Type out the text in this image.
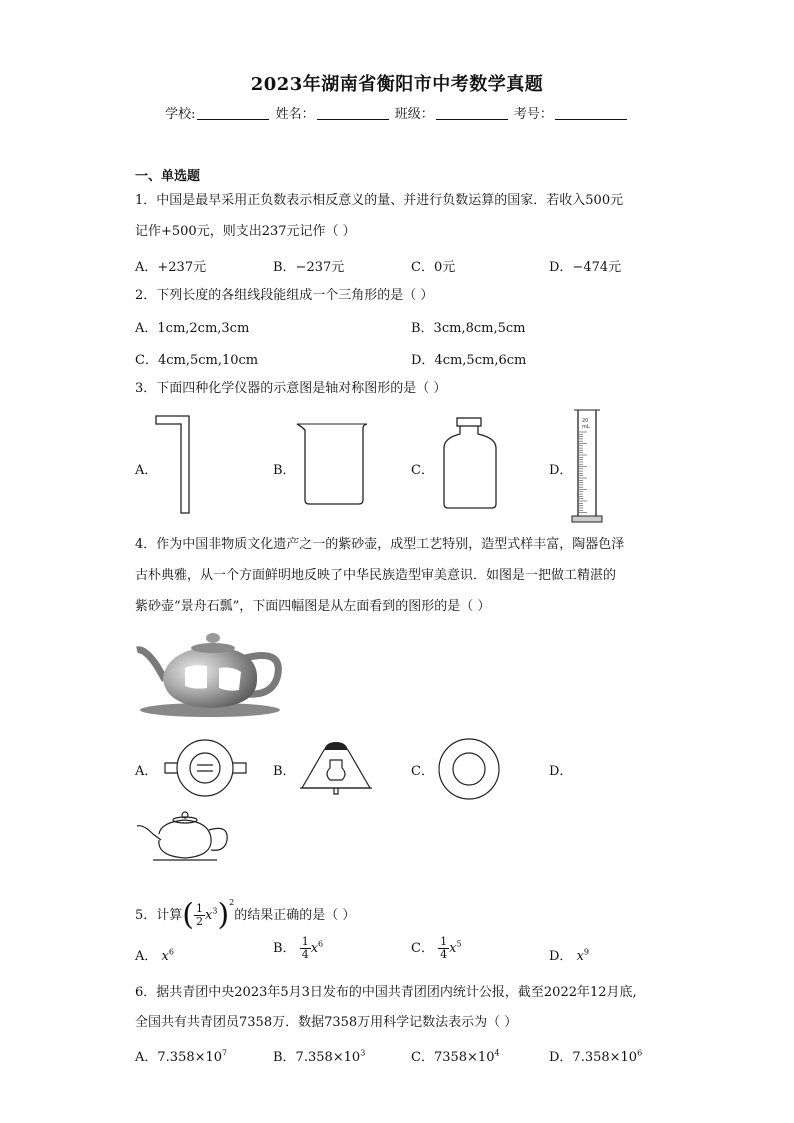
2023年湖南省衡阳市中考数学真题
学校:	姓名：	班级：	考号：
一、单选题
1．中国是最早采用正负数表示相反意义的量、并进行负数运算的国家．若收入500元
记作+500元，则支出237元记作（ ）
A．+237元	B．−237元	C．0元	D．−474元
2．下列长度的各组线段能组成一个三角形的是（ ）
A．1cm,2cm,3cm	B．3cm,8cm,5cm
C．4cm,5cm,10cm	D．4cm,5cm,6cm
3．下面四种化学仪器的示意图是轴对称图形的是（ ）
A．	B．	C．	D．
20
mL
4．作为中国非物质文化遗产之一的紫砂壶，成型工艺特别，造型式样丰富，陶器色泽
古朴典雅，从一个方面鲜明地反映了中华民族造型审美意识．如图是一把做工精湛的
紫砂壶“景舟石瓢”，下面四幅图是从左面看到的图形的是（ ）
A．	B．	C．	D．
5．计算( $\frac{1}{2} x^3)^2$的结果正确的是（ ）
A． $x^6$	B． $\frac{1}{4} x^6$	C． $\frac{1}{4} x^5$
D． $x^9$
6．据共青团中央2023年5月3日发布的中国共青团团内统计公报，截至2022年12月底,
全国共有共青团员7358万．数据7358万用科学记数法表示为（ ）
A．$7.358\times 10^7$	B．$7.358\times 10^3$	C．$7358\times 10^4$	D．$7.358\times 10^6$
